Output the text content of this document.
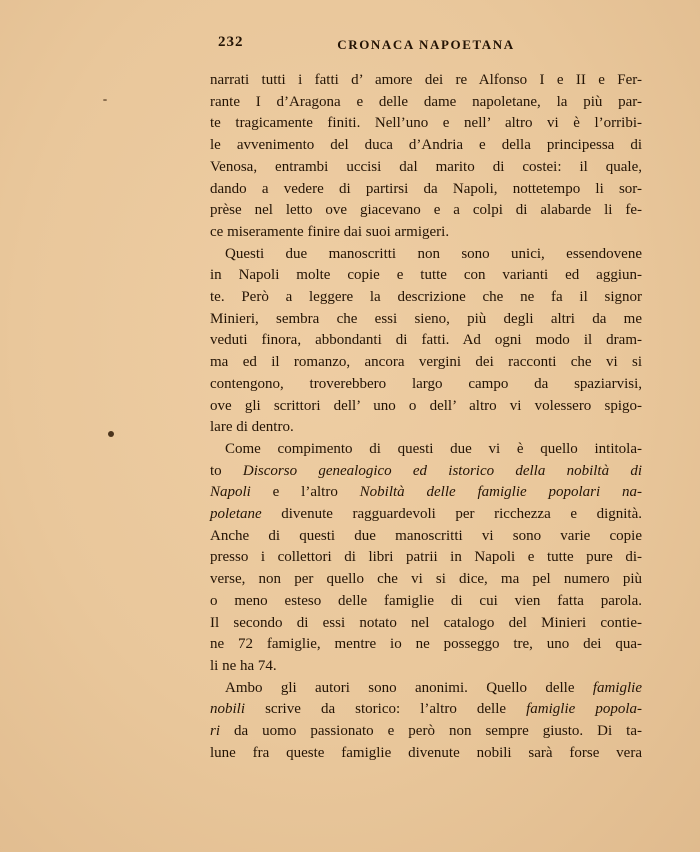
232	CRONACA NAPOETANA
narrati tutti i fatti d’ amore dei re Alfonso I e II e Fer-
rante I d’Aragona e delle dame napoletane, la più par-
te tragicamente finiti. Nell’uno e nell’ altro vi è l’orribi-
le avvenimento del duca d’Andria e della principessa di
Venosa, entrambi uccisi dal marito di costei: il quale,
dando a vedere di partirsi da Napoli, nottetempo li sor-
prèse nel letto ove giacevano e a colpi di alabarde li fe-
ce miseramente finire dai suoi armigeri.
Questi due manoscritti non sono unici, essendovene
in Napoli molte copie e tutte con varianti ed aggiun-
te. Però a leggere la descrizione che ne fa il signor
Minieri, sembra che essi sieno, più degli altri da me
veduti finora, abbondanti di fatti. Ad ogni modo il dram-
ma ed il romanzo, ancora vergini dei racconti che vi si
contengono, troverebbero largo campo da spaziarvisi,
ove gli scrittori dell’ uno o dell’ altro vi volessero spigo-
lare di dentro.
Come compimento di questi due vi è quello intitola-
to Discorso genealogico ed istorico della nobiltà di
Napoli e l’altro Nobiltà delle famiglie popolari na-
poletane divenute ragguardevoli per ricchezza e dignità.
Anche di questi due manoscritti vi sono varie copie
presso i collettori di libri patrii in Napoli e tutte pure di-
verse, non per quello che vi si dice, ma pel numero più
o meno esteso delle famiglie di cui vien fatta parola.
Il secondo di essi notato nel catalogo del Minieri contie-
ne 72 famiglie, mentre io ne posseggo tre, uno dei qua-
li ne ha 74.
Ambo gli autori sono anonimi. Quello delle famiglie
nobili scrive da storico: l’altro delle famiglie popola-
ri da uomo passionato e però non sempre giusto. Di ta-
lune fra queste famiglie divenute nobili sarà forse vera
